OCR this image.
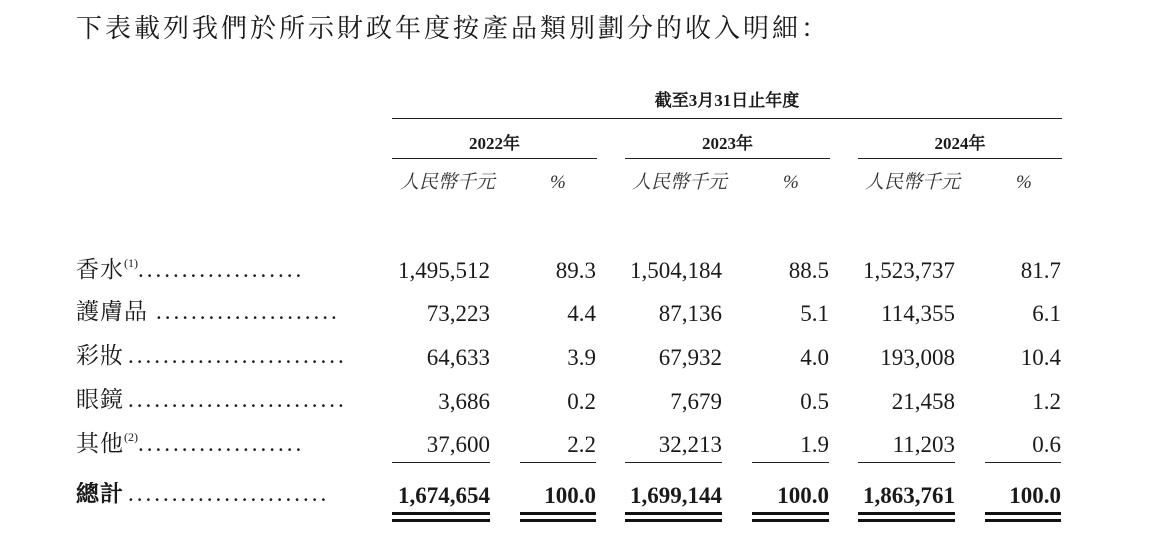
下表載列我們於所示財政年度按產品類別劃分的收入明細：
截至3月31日止年度
2022年	2023年	2024年
人民幣千元	%	人民幣千元	%	人民幣千元	%
香水$^{(1)}$...................	1,495,512	89.3	1,504,184	88.5	1,523,737	81.7
護膚品 .....................	73,223	4.4	87,136	5.1	114,355	6.1
彩妝 .........................	64,633	3.9	67,932	4.0	193,008	10.4
眼鏡 .........................	3,686	0.2	7,679	0.5	21,458	1.2
其他$^{(2)}$...................	37,600	2.2	32,213	1.9	11,203	0.6
總計 .......................	1,674,654	100.0	1,699,144	100.0	1,863,761	100.0
